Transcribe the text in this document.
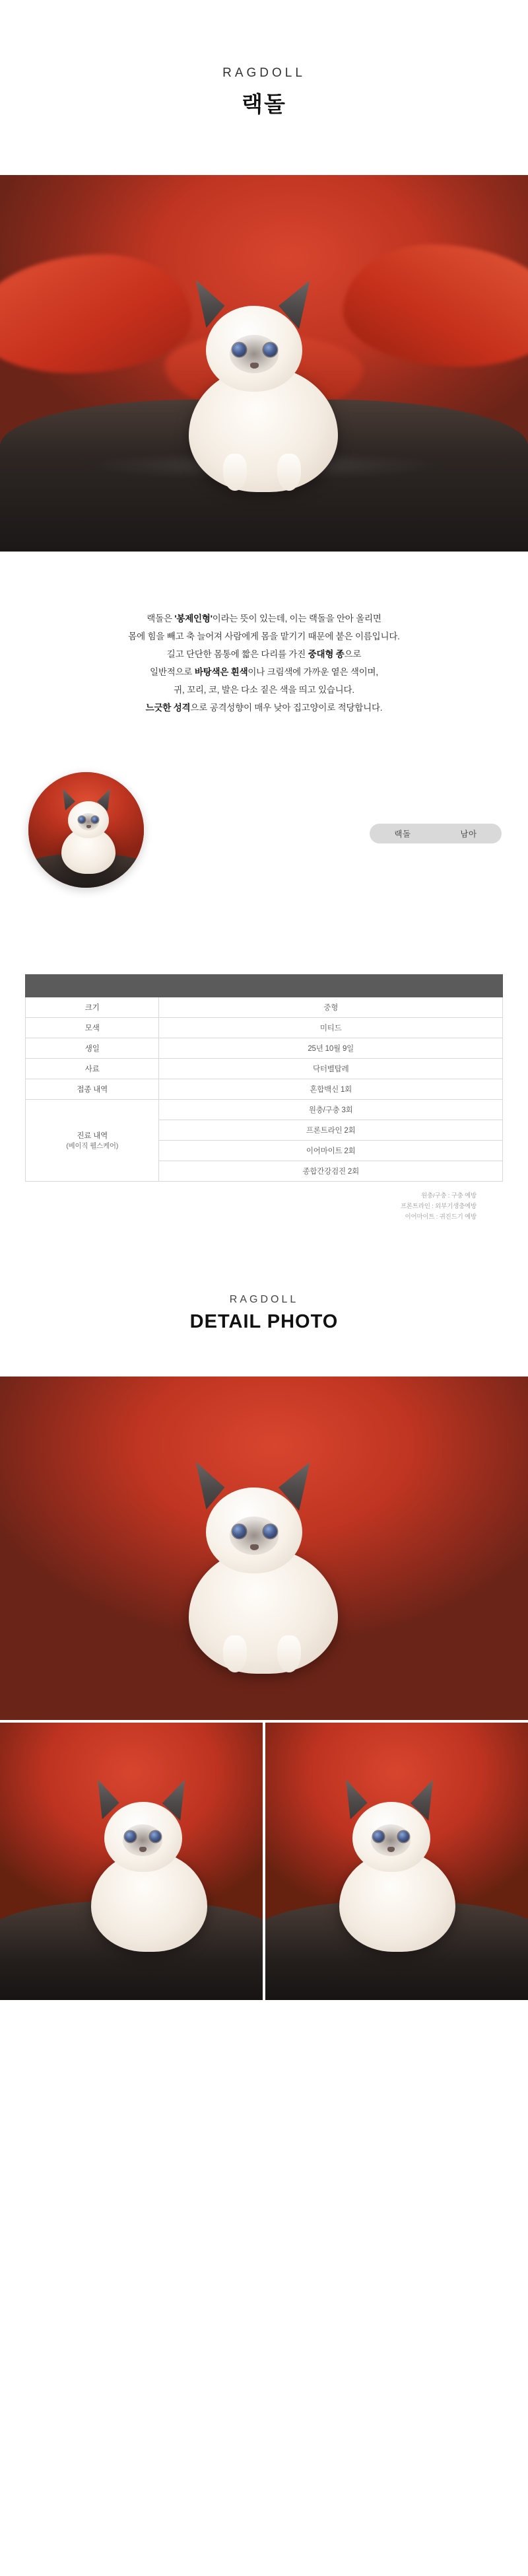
RAGDOLL
랙돌
랙돌은 '봉제인형'이라는 뜻이 있는데, 이는 랙돌을 안아 올리면
몸에 힘을 빼고 축 늘어져 사람에게 몸을 맡기기 때문에 붙은 이름입니다.
길고 단단한 몸통에 짧은 다리를 가진 중대형 종으로
일반적으로 바탕색은 흰색이나 크림색에 가까운 옅은 색이며,
귀, 꼬리, 코, 발은 다소 짙은 색을 띄고 있습니다.
느긋한 성격으로 공격성향이 매우 낮아 집고양이로 적당합니다.
랙돌	남아

크기	중형
모색	미티드
생일	25년 10월 9일
사료	닥터벨탑레
접종 내역	혼합백신 1회

진료 내역
(베이직 웰스케어)	원충/구충 3회
	프론트라인 2회
	이어마이트 2회
	종합간강검진 2회
원충/구충 : 구충 예방
프론트라인 : 외부기생충예방
이어마이트 : 귀진드기 예방
RAGDOLL
DETAIL PHOTO
